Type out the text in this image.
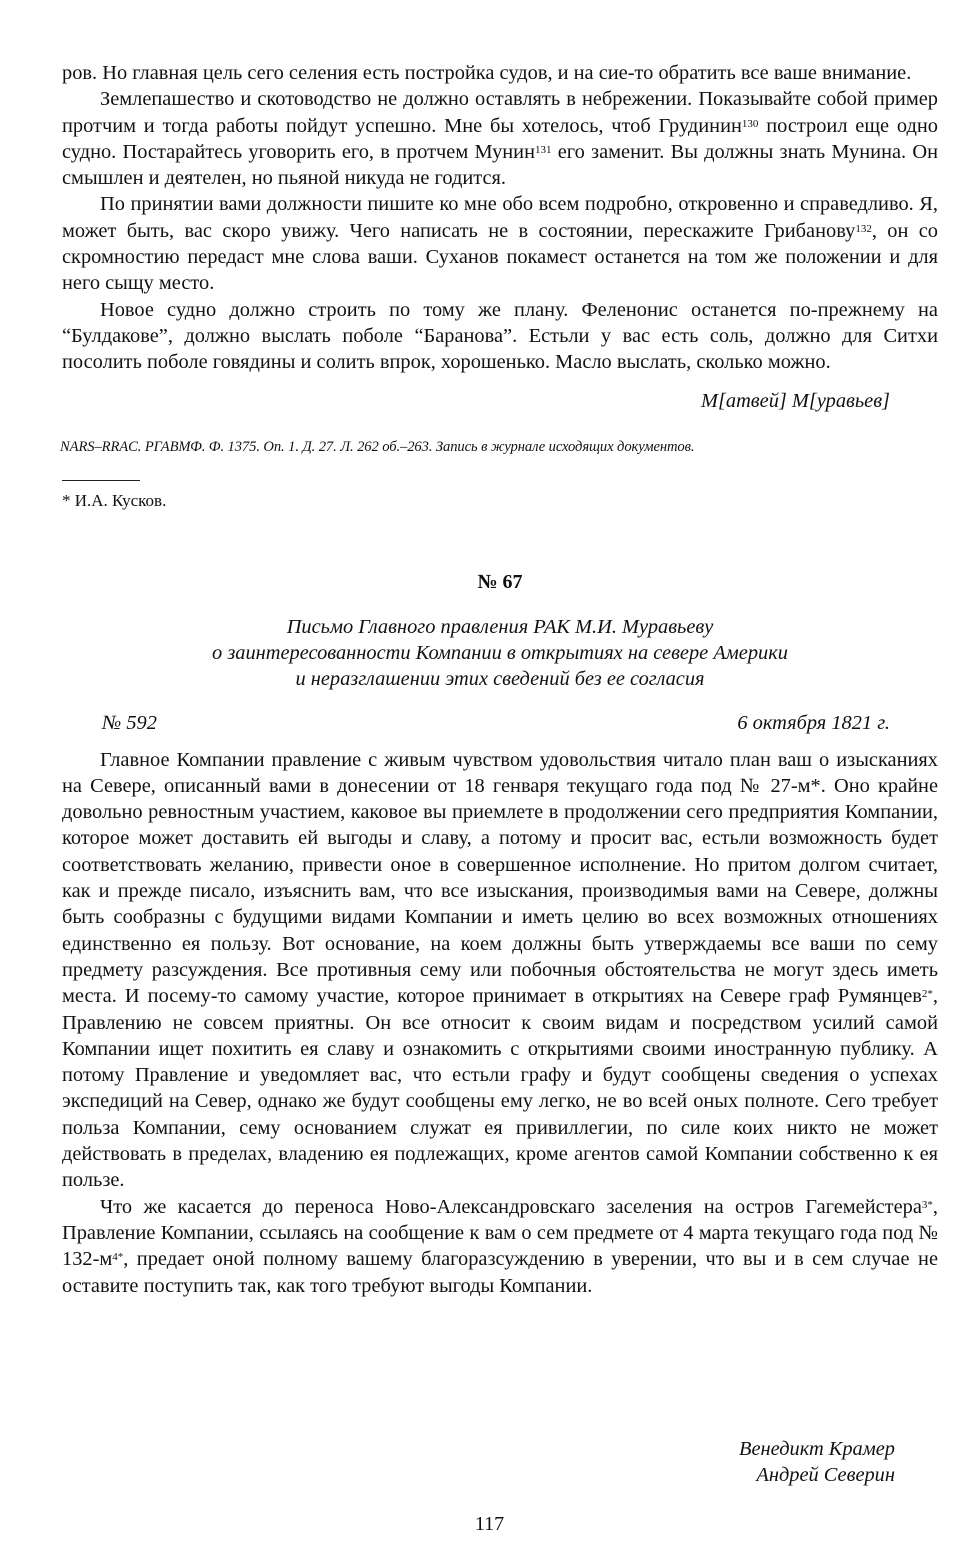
ров. Но главная цель сего селения есть постройка судов, и на сие-то обратить все ваше внимание.

Землепашество и скотоводство не должно оставлять в небрежении. Показывайте собой пример протчим и тогда работы пойдут успешно. Мне бы хотелось, чтоб Грудинин$^{130}$ построил еще одно судно. Постарайтесь уговорить его, в протчем Мунин$^{131}$ его заменит. Вы должны знать Мунина. Он смышлен и деятелен, но пьяной никуда не годится.

По принятии вами должности пишите ко мне обо всем подробно, откровенно и справедливо. Я, может быть, вас скоро увижу. Чего написать не в состоянии, перескажите Грибанову$^{132}$, он со скромностию передаст мне слова ваши. Суханов покамест останется на том же положении и для него сыщу место.

Новое судно должно строить по тому же плану. Феленонис останется по-прежнему на “Булдакове”, должно выслать поболе “Баранова”. Естьли у вас есть соль, должно для Ситхи посолить поболе говядины и солить впрок, хорошенько. Масло выслать, сколько можно.

М[атвей] М[уравьев]
NARS–RRAC. РГАВМФ. Ф. 1375. Оп. 1. Д. 27. Л. 262 об.–263. Запись в журнале исходящих документов.
* И.А. Кусков.
№ 67
Письмо Главного правления РАК М.И. Муравьеву
о заинтересованности Компании в открытиях на севере Америки
и неразглашении этих сведений без ее согласия
№ 592	6 октября 1821 г.

Главное Компании правление с живым чувством удовольствия читало план ваш о изысканиях на Севере, описанный вами в донесении от 18 генваря текущаго года под № 27-м*. Оно крайне довольно ревностным участием, каковое вы приемлете в продолжении сего предприятия Компании, которое может доставить ей выгоды и славу, а потому и просит вас, естьли возможность будет соответствовать желанию, привести оное в совершенное исполнение. Но притом долгом считает, как и прежде писало, изъяснить вам, что все изыскания, производимыя вами на Севере, должны быть сообразны с будущими видами Компании и иметь целию во всех возможных отношениях единственно ея пользу. Вот основание, на коем должны быть утверждаемы все ваши по сему предмету разсуждения. Все противныя сему или побочныя обстоятельства не могут здесь иметь места. И посему-то самому участие, которое принимает в открытиях на Севере граф Румянцев$^{2*}$, Правлению не совсем приятны. Он все относит к своим видам и посредством усилий самой Компании ищет похитить ея славу и ознакомить с открытиями своими иностранную публику. А потому Правление и уведомляет вас, что естьли графу и будут сообщены сведения о успехах экспедиций на Север, однако же будут сообщены ему легко, не во всей оных полноте. Сего требует польза Компании, сему основанием служат ея привиллегии, по силе коих никто не может действовать в пределах, владению ея подлежащих, кроме агентов самой Компании собственно к ея пользе.

Что же касается до переноса Ново-Александровскаго заселения на остров Гагемейстера$^{3*}$, Правление Компании, ссылаясь на сообщение к вам о сем предмете от 4 марта текущаго года под № $132-м^{4*}$, предает оной полному вашему благоразсуждению в уверении, что вы и в сем случае не оставите поступить так, как того требуют выгоды Компании.

Венедикт Крамер
Андрей Северин
117
